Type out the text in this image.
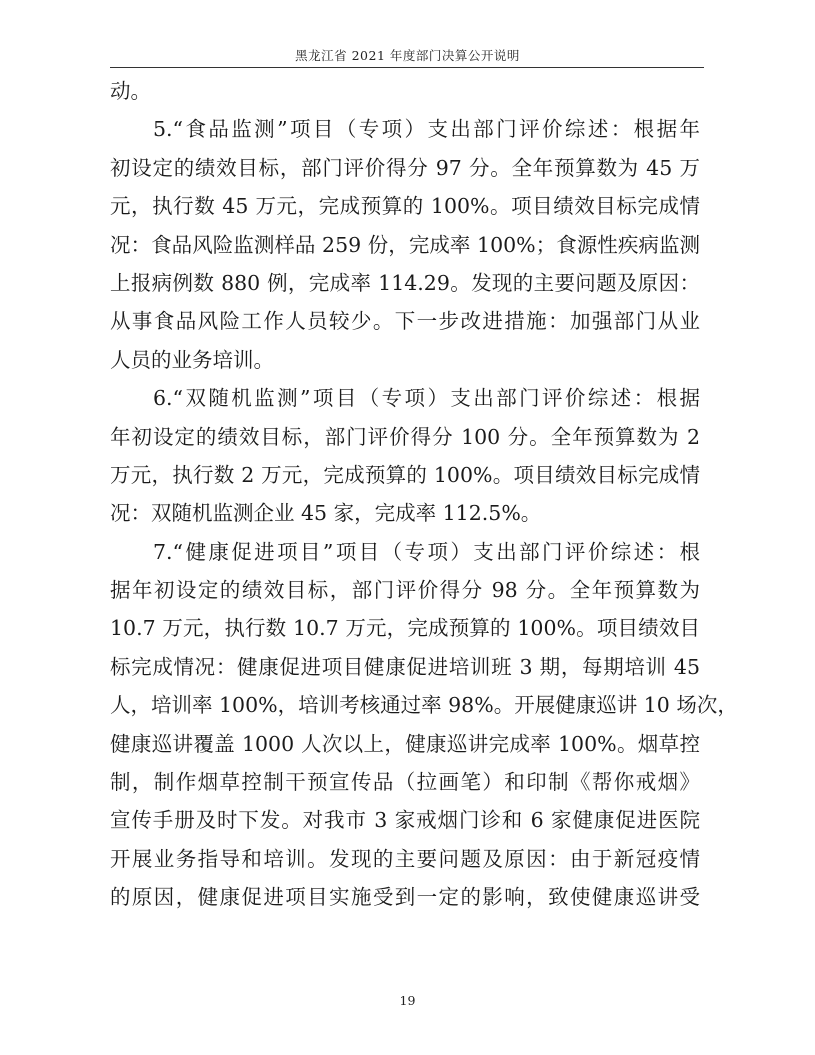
黑龙江省 2021 年度部门决算公开说明
动。
5.“食品监测”项目（专项）支出部门评价综述：根据年
初设定的绩效目标，部门评价得分 97 分。全年预算数为 45 万
元，执行数 45 万元，完成预算的 100%。项目绩效目标完成情
况：食品风险监测样品 259 份，完成率 100%；食源性疾病监测
上报病例数 880 例，完成率 114.29。发现的主要问题及原因：
从事食品风险工作人员较少。下一步改进措施：加强部门从业
人员的业务培训。
6.“双随机监测”项目（专项）支出部门评价综述：根据
年初设定的绩效目标，部门评价得分 100 分。全年预算数为 2
万元，执行数 2 万元，完成预算的 100%。项目绩效目标完成情
况：双随机监测企业 45 家，完成率 112.5%。
7.“健康促进项目”项目（专项）支出部门评价综述：根
据年初设定的绩效目标，部门评价得分 98 分。全年预算数为
10.7 万元，执行数 10.7 万元，完成预算的 100%。项目绩效目
标完成情况：健康促进项目健康促进培训班 3 期，每期培训 45
人，培训率 100%，培训考核通过率 98%。开展健康巡讲 10 场次，
健康巡讲覆盖 1000 人次以上，健康巡讲完成率 100%。烟草控
制，制作烟草控制干预宣传品（拉画笔）和印制《帮你戒烟》
宣传手册及时下发。对我市 3 家戒烟门诊和 6 家健康促进医院
开展业务指导和培训。发现的主要问题及原因：由于新冠疫情
的原因，健康促进项目实施受到一定的影响，致使健康巡讲受
19
